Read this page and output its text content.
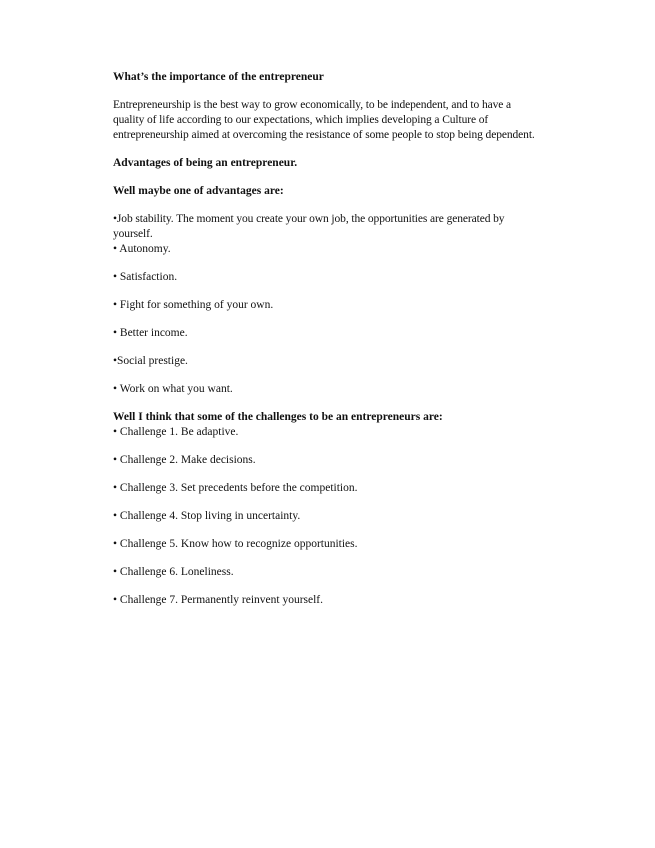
What’s the importance of the entrepreneur

Entrepreneurship is the best way to grow economically, to be independent, and to have a quality of life according to our expectations, which implies developing a Culture of entrepreneurship aimed at overcoming the resistance of some people to stop being dependent.

Advantages of being an entrepreneur.

Well maybe one of advantages are:

•Job stability. The moment you create your own job, the opportunities are generated by yourself.

• Autonomy.
• Satisfaction.
• Fight for something of your own.
• Better income.
•Social prestige.
• Work on what you want.

Well I think that some of the challenges to be an entrepreneurs are:

• Challenge 1. Be adaptive.
• Challenge 2. Make decisions.
• Challenge 3. Set precedents before the competition.
• Challenge 4. Stop living in uncertainty.
• Challenge 5. Know how to recognize opportunities.
• Challenge 6. Loneliness.
• Challenge 7. Permanently reinvent yourself.
